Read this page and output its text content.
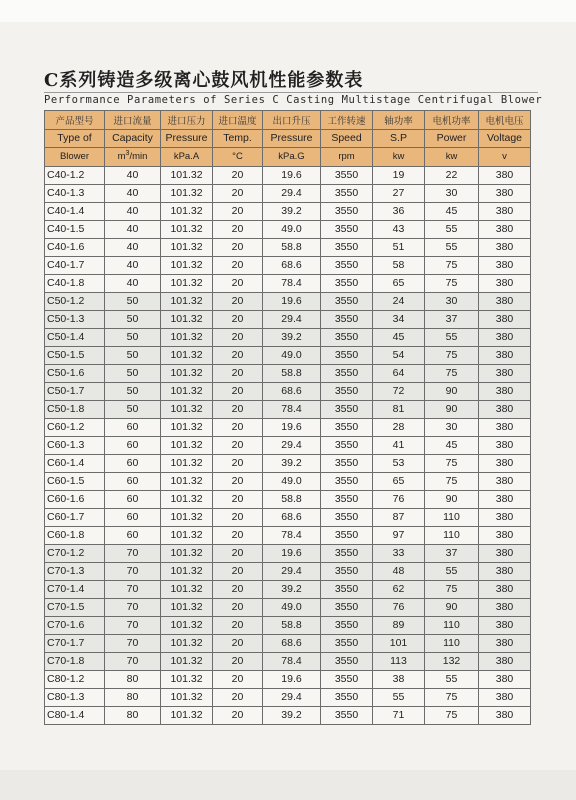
C系列铸造多级离心鼓风机性能参数表
Performance Parameters of Series C Casting Multistage Centrifugal Blower
产品型号	进口流量	进口压力	进口温度	出口升压	工作转速	轴功率	电机功率	电机电压
Type of	Capacity	Pressure	Temp.	Pressure	Speed	S.P	Power	Voltage
Blower	$m^3/\min$	kPa.A	°C	kPa.G	rpm	kw	kw	v
C40-1.2	40	101.32	20	19.6	3550	19	22	380
C40-1.3	40	101.32	20	29.4	3550	27	30	380
C40-1.4	40	101.32	20	39.2	3550	36	45	380
C40-1.5	40	101.32	20	49.0	3550	43	55	380
C40-1.6	40	101.32	20	58.8	3550	51	55	380
C40-1.7	40	101.32	20	68.6	3550	58	75	380
C40-1.8	40	101.32	20	78.4	3550	65	75	380
C50-1.2	50	101.32	20	19.6	3550	24	30	380
C50-1.3	50	101.32	20	29.4	3550	34	37	380
C50-1.4	50	101.32	20	39.2	3550	45	55	380
C50-1.5	50	101.32	20	49.0	3550	54	75	380
C50-1.6	50	101.32	20	58.8	3550	64	75	380
C50-1.7	50	101.32	20	68.6	3550	72	90	380
C50-1.8	50	101.32	20	78.4	3550	81	90	380
C60-1.2	60	101.32	20	19.6	3550	28	30	380
C60-1.3	60	101.32	20	29.4	3550	41	45	380
C60-1.4	60	101.32	20	39.2	3550	53	75	380
C60-1.5	60	101.32	20	49.0	3550	65	75	380
C60-1.6	60	101.32	20	58.8	3550	76	90	380
C60-1.7	60	101.32	20	68.6	3550	87	110	380
C60-1.8	60	101.32	20	78.4	3550	97	110	380
C70-1.2	70	101.32	20	19.6	3550	33	37	380
C70-1.3	70	101.32	20	29.4	3550	48	55	380
C70-1.4	70	101.32	20	39.2	3550	62	75	380
C70-1.5	70	101.32	20	49.0	3550	76	90	380
C70-1.6	70	101.32	20	58.8	3550	89	110	380
C70-1.7	70	101.32	20	68.6	3550	101	110	380
C70-1.8	70	101.32	20	78.4	3550	113	132	380
C80-1.2	80	101.32	20	19.6	3550	38	55	380
C80-1.3	80	101.32	20	29.4	3550	55	75	380
C80-1.4	80	101.32	20	39.2	3550	71	75	380
